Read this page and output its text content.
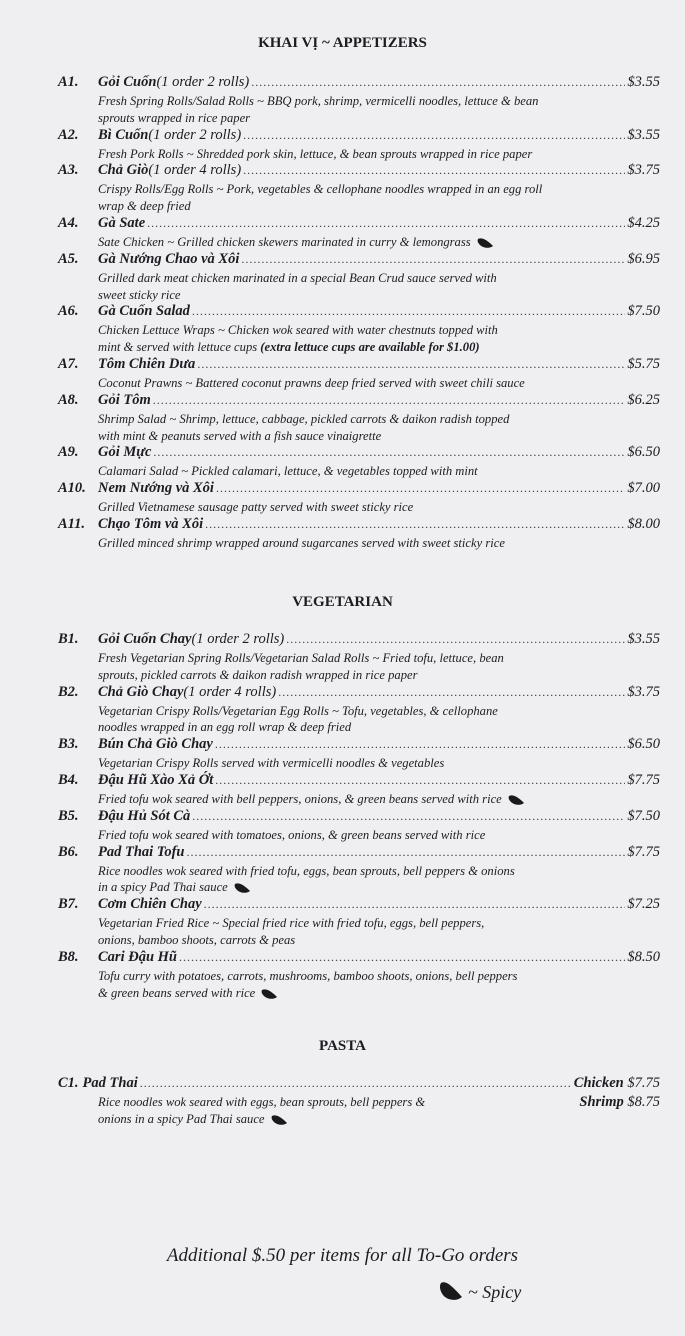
KHAI VỊ ~ APPETIZERS
A1.	Gỏi Cuốn (1 order 2 rolls) .....	$3.55
Fresh Spring Rolls/Salad Rolls ~ BBQ pork, shrimp, vermicelli noodles, lettuce & bean
sprouts wrapped in rice paper
A2.	Bì Cuốn (1 order 2 rolls) .....	$3.55
Fresh Pork Rolls ~ Shredded pork skin, lettuce, & bean sprouts wrapped in rice paper
A3.	Chả Giò (1 order 4 rolls) .....	$3.75
Crispy Rolls/Egg Rolls ~ Pork, vegetables & cellophane noodles wrapped in an egg roll
wrap & deep fried
A4.	Gà Sate .....	$4.25
Sate Chicken ~ Grilled chicken skewers marinated in curry & lemongrass
A5.	Gà Nướng Chao và Xôi .....	$6.95
Grilled dark meat chicken marinated in a special Bean Crud sauce served with
sweet sticky rice
A6.	Gà Cuốn Salad .....	$7.50
Chicken Lettuce Wraps ~ Chicken wok seared with water chestnuts topped with
mint & served with lettuce cups (extra lettuce cups are available for $1.00)
A7.	Tôm Chiên Dưa .....	$5.75
Coconut Prawns ~ Battered coconut prawns deep fried served with sweet chili sauce
A8.	Gỏi Tôm .....	$6.25
Shrimp Salad ~ Shrimp, lettuce, cabbage, pickled carrots & daikon radish topped
with mint & peanuts served with a fish sauce vinaigrette
A9.	Gỏi Mực .....	$6.50
Calamari Salad ~ Pickled calamari, lettuce, & vegetables topped with mint
A10. Nem Nướng và Xôi .....	$7.00
Grilled Vietnamese sausage patty served with sweet sticky rice
A11. Chạo Tôm và Xôi .....	$8.00
Grilled minced shrimp wrapped around sugarcanes served with sweet sticky rice
VEGETARIAN
B1.	Gỏi Cuốn Chay (1 order 2 rolls) .....	$3.55
Fresh Vegetarian Spring Rolls/Vegetarian Salad Rolls ~ Fried tofu, lettuce, bean
sprouts, pickled carrots & daikon radish wrapped in rice paper
B2.	Chả Giò Chay (1 order 4 rolls) .....	$3.75
Vegetarian Crispy Rolls/Vegetarian Egg Rolls ~ Tofu, vegetables, & cellophane
noodles wrapped in an egg roll wrap & deep fried
B3.	Bún Chả Giò Chay .....	$6.50
Vegetarian Crispy Rolls served with vermicelli noodles & vegetables
B4.	Đậu Hũ Xào Xả Ớt .....	$7.75
Fried tofu wok seared with bell peppers, onions, & green beans served with rice
B5.	Đậu Hủ Sót Cà .....	$7.50
Fried tofu wok seared with tomatoes, onions, & green beans served with rice
B6.	Pad Thai Tofu .....	$7.75
Rice noodles wok seared with fried tofu, eggs, bean sprouts, bell peppers & onions
in a spicy Pad Thai sauce
B7.	Cơm Chiên Chay .....	$7.25
Vegetarian Fried Rice ~ Special fried rice with fried tofu, eggs, bell peppers,
onions, bamboo shoots, carrots & peas
B8.	Cari Đậu Hũ .....	$8.50
Tofu curry with potatoes, carrots, mushrooms, bamboo shoots, onions, bell peppers
& green beans served with rice
PASTA
C1. Pad Thai .....	Chicken $7.75
Rice noodles wok seared with eggs, bean sprouts, bell peppers &
onions in a spicy Pad Thai sauce
Shrimp $8.75
Additional $.50 per items for all To-Go orders
~ Spicy
